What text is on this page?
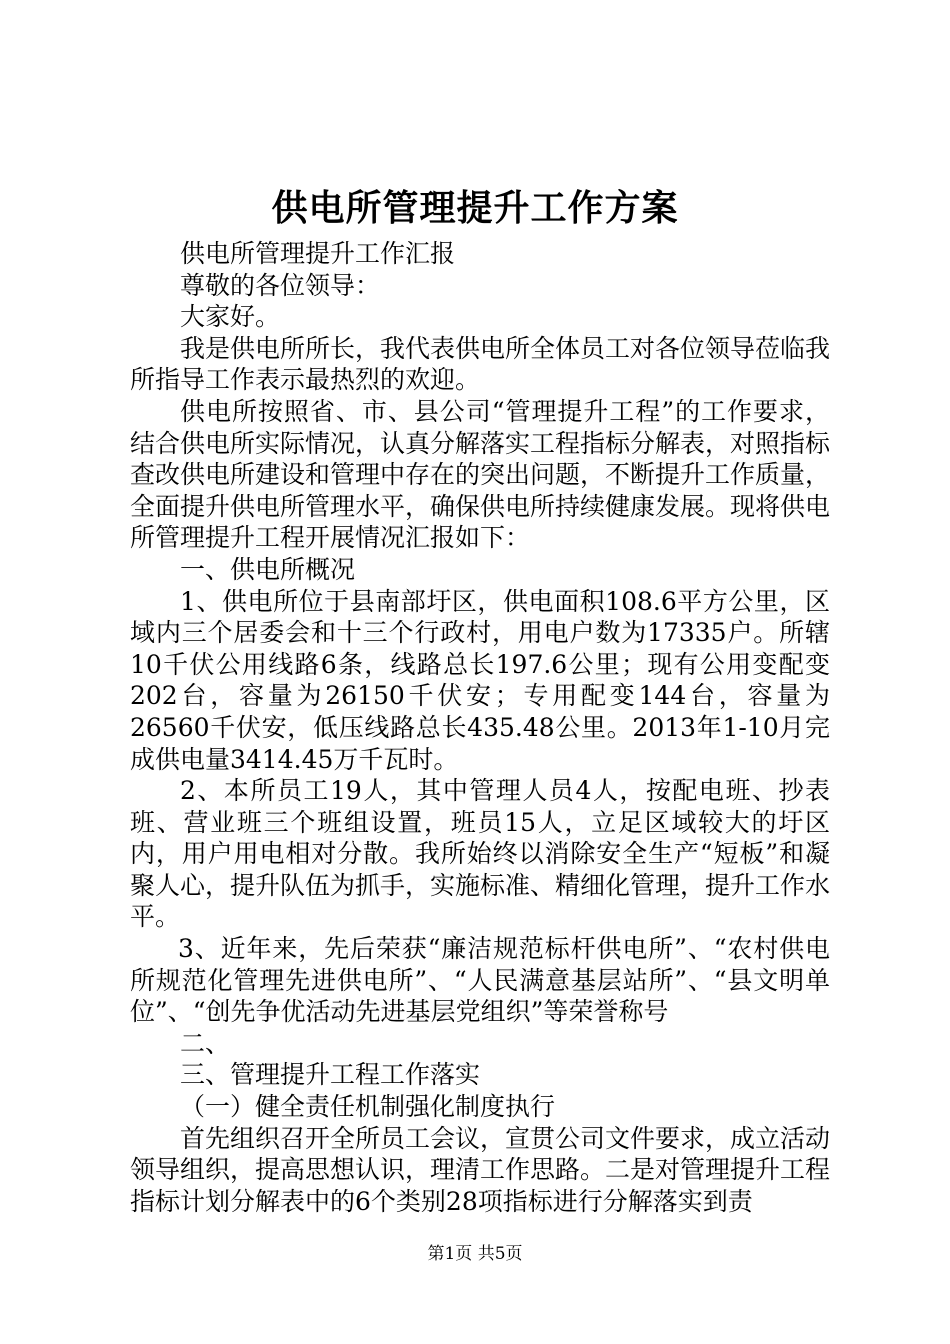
供电所管理提升工作方案

供电所管理提升工作汇报

尊敬的各位领导：

大家好。

我是供电所所长，我代表供电所全体员工对各位领导莅临我所指导工作表示最热烈的欢迎。

供电所按照省、市、县公司“管理提升工程”的工作要求，结合供电所实际情况，认真分解落实工程指标分解表，对照指标查改供电所建设和管理中存在的突出问题，不断提升工作质量，全面提升供电所管理水平，确保供电所持续健康发展。现将供电所管理提升工程开展情况汇报如下：

一、供电所概况

1、供电所位于县南部圩区，供电面积108.6平方公里，区域内三个居委会和十三个行政村，用电户数为17335户。所辖10千伏公用线路6条，线路总长197.6公里；现有公用变配变202台，容量为26150千伏安；专用配变144台，容量为26560千伏安，低压线路总长435.48公里。2013年1-10月完成供电量3414.45万千瓦时。

2、本所员工19人，其中管理人员4人，按配电班、抄表班、营业班三个班组设置，班员15人，立足区域较大的圩区内，用户用电相对分散。我所始终以消除安全生产“短板”和凝聚人心，提升队伍为抓手，实施标准、精细化管理，提升工作水平。

3、近年来，先后荣获“廉洁规范标杆供电所”、“农村供电所规范化管理先进供电所”、“人民满意基层站所”、“县文明单位”、“创先争优活动先进基层党组织”等荣誉称号

二、

三、管理提升工程工作落实

（一）健全责任机制强化制度执行

首先组织召开全所员工会议，宣贯公司文件要求，成立活动领导组织，提高思想认识，理清工作思路。二是对管理提升工程指标计划分解表中的6个类别28项指标进行分解落实到责

第1页 共5页
